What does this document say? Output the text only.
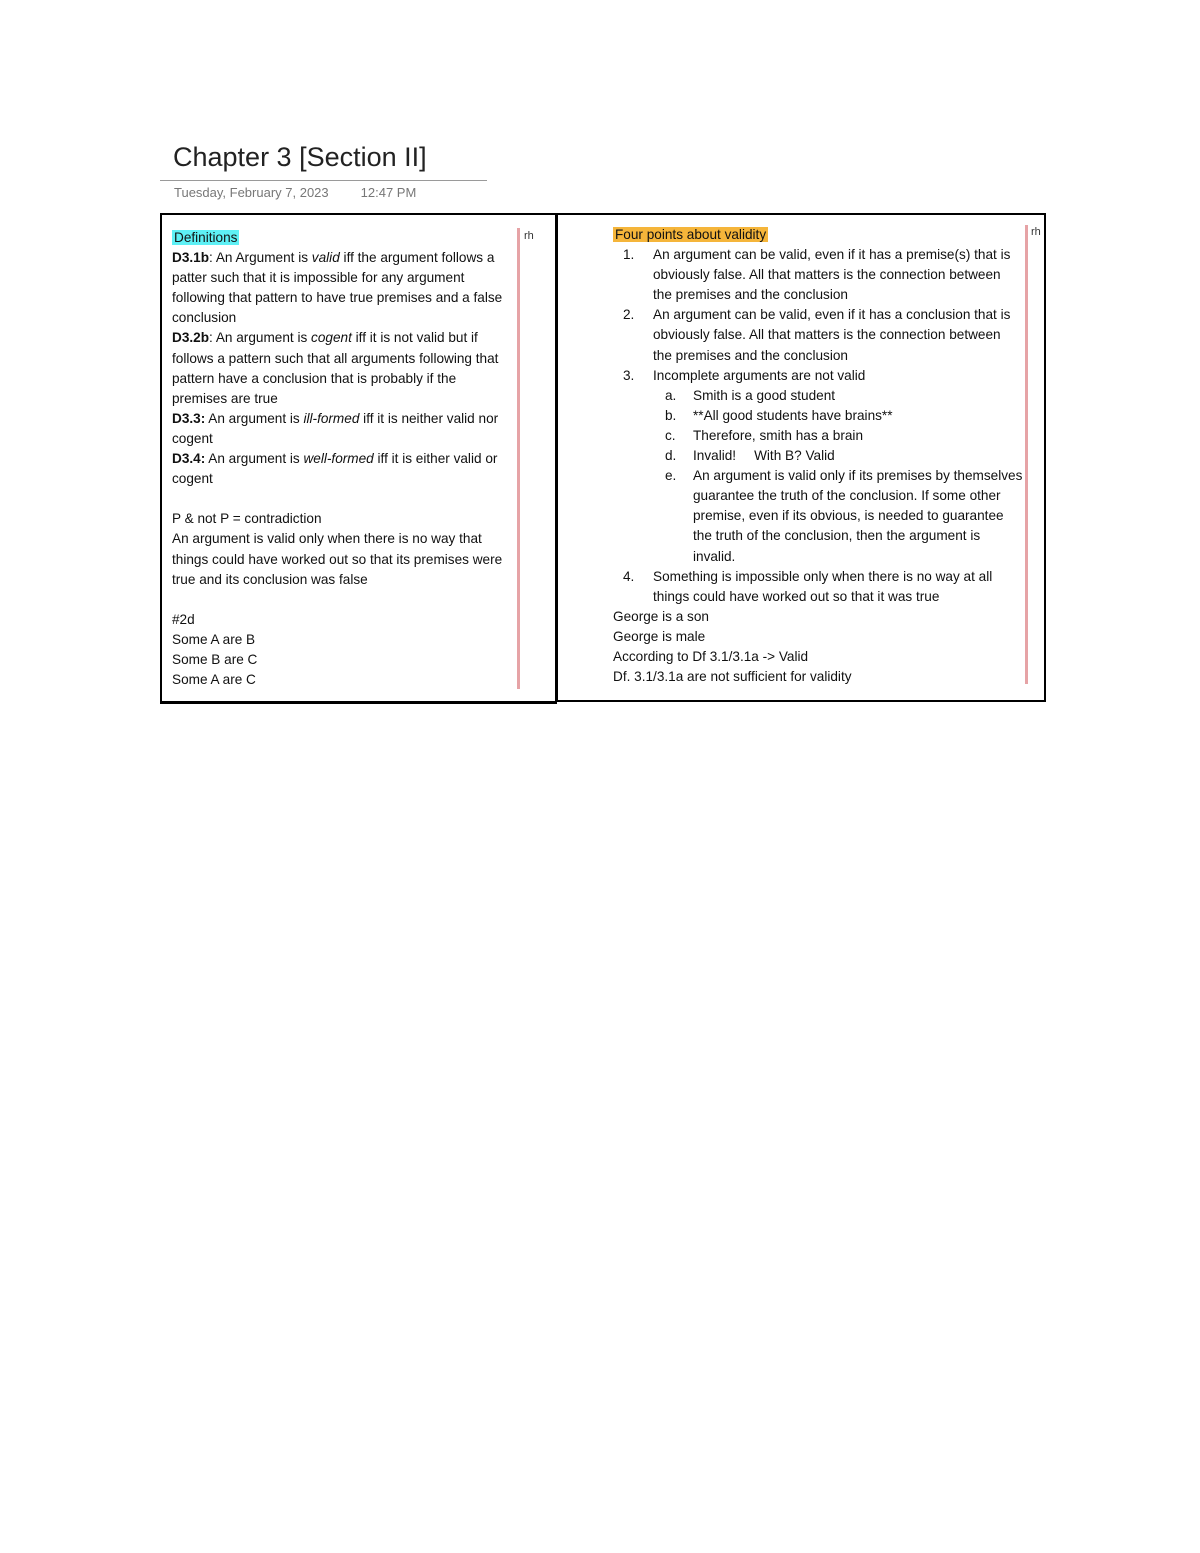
Chapter 3 [Section II]
Tuesday, February 7, 2023 12:47 PM
rh
Definitions
D3.1b: An Argument is valid iff the argument follows a patter such that it is impossible for any argument following that pattern to have true premises and a false conclusion
D3.2b: An argument is cogent iff it is not valid but if follows a pattern such that all arguments following that pattern have a conclusion that is probably if the premises are true
D3.3: An argument is ill-formed iff it is neither valid nor cogent
D3.4: An argument is well-formed iff it is either valid or cogent
P & not P = contradiction
An argument is valid only when there is no way that things could have worked out so that its premises were true and its conclusion was false
#2d
Some A are B
Some B are C
Some A are C
rh
Four points about validity
1. An argument can be valid, even if it has a premise(s) that is obviously false. All that matters is the connection between the premises and the conclusion
2. An argument can be valid, even if it has a conclusion that is obviously false. All that matters is the connection between the premises and the conclusion
3. Incomplete arguments are not valid
a. Smith is a good student
b. **All good students have brains**
c. Therefore, smith has a brain
d. Invalid! With B? Valid
e. An argument is valid only if its premises by themselves guarantee the truth of the conclusion. If some other premise, even if its obvious, is needed to guarantee the truth of the conclusion, then the argument is invalid.
4. Something is impossible only when there is no way at all things could have worked out so that it was true
George is a son
George is male
According to Df 3.1/3.1a -> Valid
Df. 3.1/3.1a are not sufficient for validity
